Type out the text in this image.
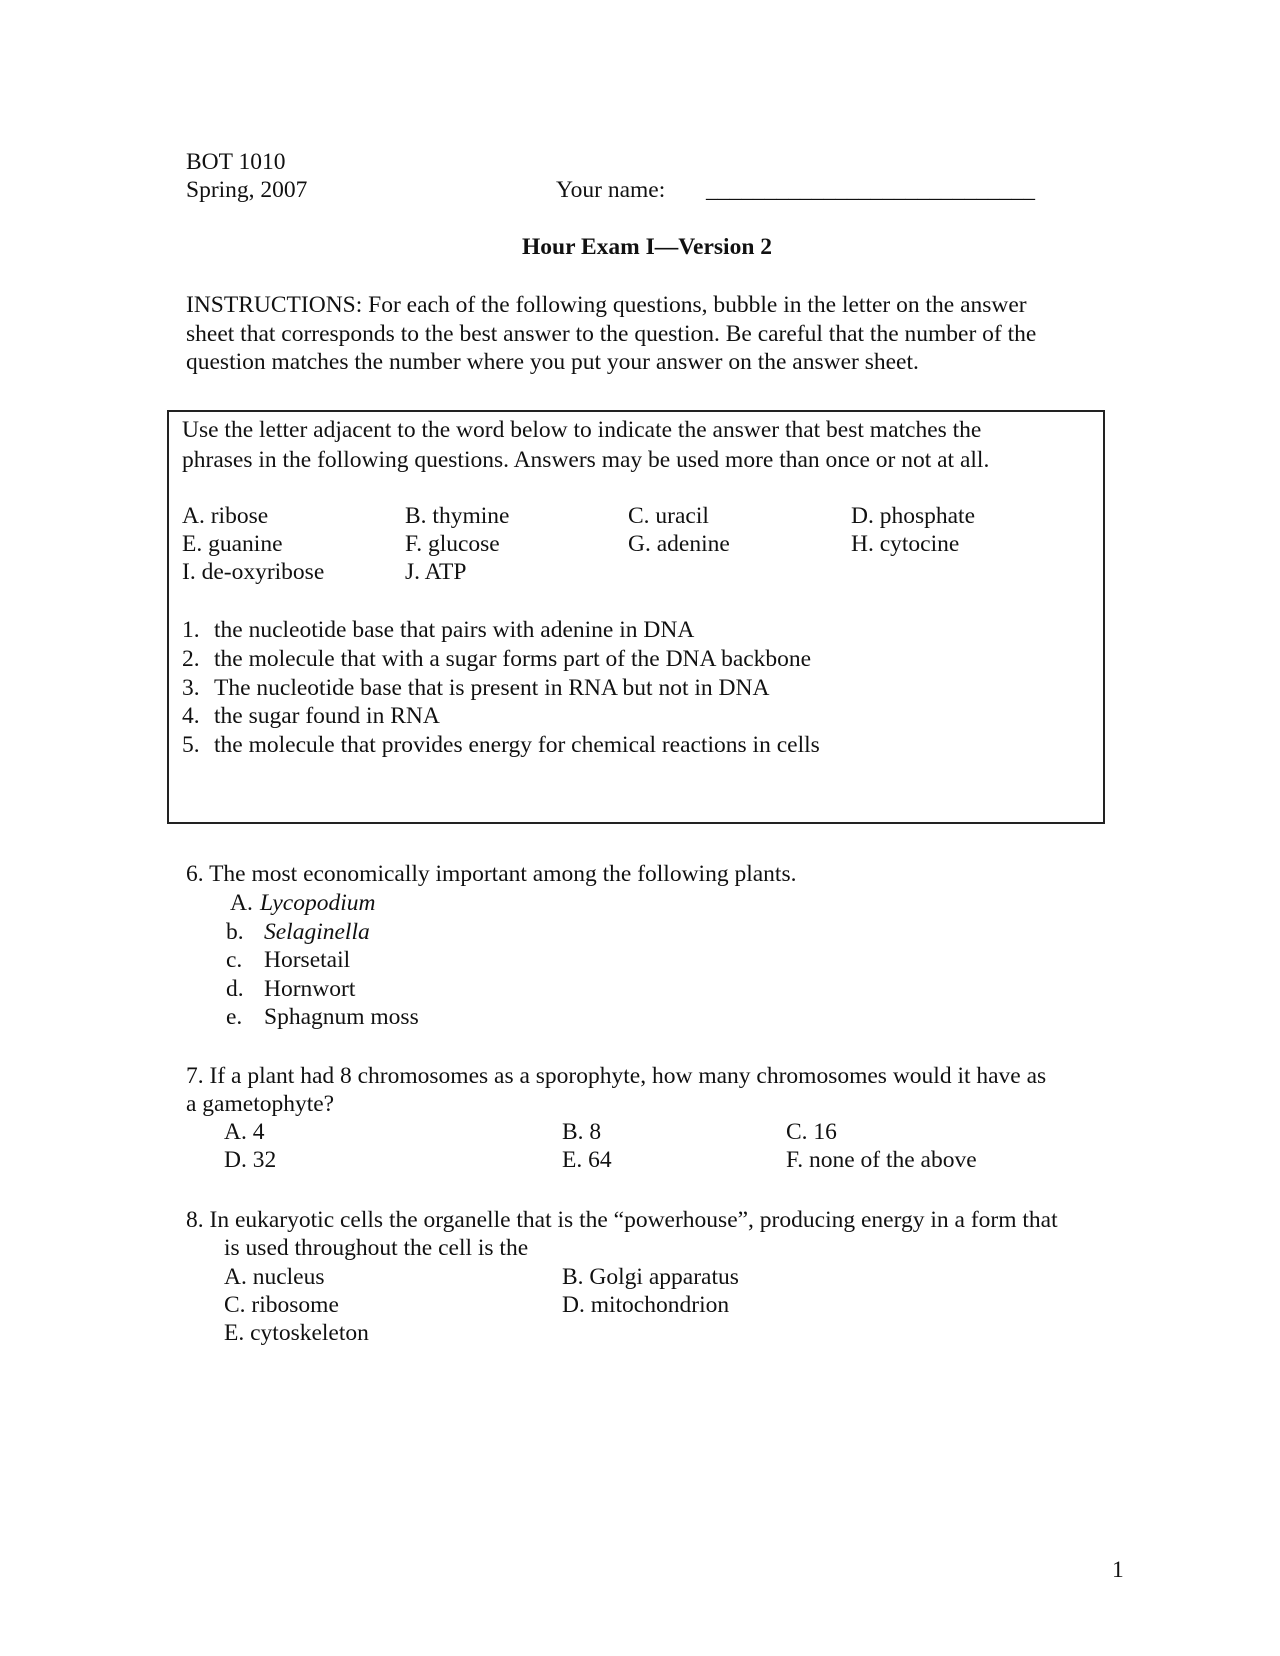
BOT 1010
Spring, 2007	Your name: ____________________________
Hour Exam I—Version 2
INSTRUCTIONS: For each of the following questions, bubble in the letter on the answer
sheet that corresponds to the best answer to the question. Be careful that the number of the
question matches the number where you put your answer on the answer sheet.
Use the letter adjacent to the word below to indicate the answer that best matches the
phrases in the following questions. Answers may be used more than once or not at all.
A. ribose	B. thymine	C. uracil	D. phosphate
E. guanine	F. glucose	G. adenine	H. cytocine
I. de-oxyribose	J. ATP
1. the nucleotide base that pairs with adenine in DNA
2. the molecule that with a sugar forms part of the DNA backbone
3. The nucleotide base that is present in RNA but not in DNA
4. the sugar found in RNA
5. the molecule that provides energy for chemical reactions in cells
6. The most economically important among the following plants.
A. Lycopodium
b. Selaginella
c. Horsetail
d. Hornwort
e. Sphagnum moss
7. If a plant had 8 chromosomes as a sporophyte, how many chromosomes would it have as
a gametophyte?
A. 4	B. 8	C. 16
D. 32	E. 64	F. none of the above
8. In eukaryotic cells the organelle that is the “powerhouse”, producing energy in a form that
is used throughout the cell is the
A. nucleus	B. Golgi apparatus
C. ribosome	D. mitochondrion
E. cytoskeleton
1
